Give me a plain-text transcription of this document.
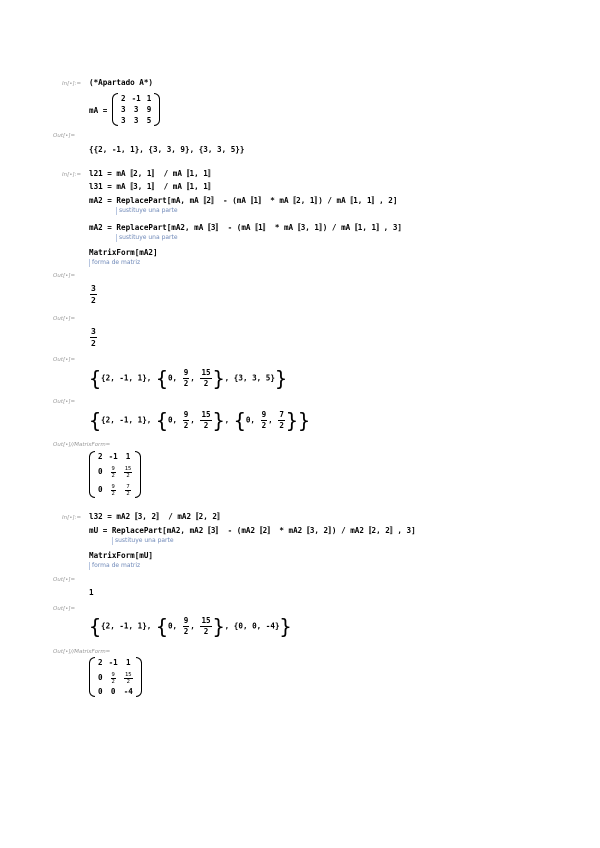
In[•]:= (*Apartado A*)
mA =
2	-1	1
3	3	9
3	3	5
Out[•]=
{{2, -1, 1}, {3, 3, 9}, {3, 3, 5}}
In[•]:= l21 = mA〚2, 1〛 / mA〚1, 1〛
l31 = mA〚3, 1〛 / mA〚1, 1〛
mA2 = ReplacePart[mA, mA〚2〛 - (mA〚1〛 * mA〚2, 1〛) / mA〚1, 1〛, 2]
sustituye una parte
mA2 = ReplacePart[mA2, mA〚3〛 - (mA〚1〛 * mA〚3, 1〛) / mA〚1, 1〛, 3]
sustituye una parte
MatrixForm[mA2]
forma de matriz
Out[•]=
$\frac{3}{2}$
Out[•]=
$\frac{3}{2}$
Out[•]=
{{2, -1, 1}, {0, $\frac{9}{2}$ , $\frac{15}{2}$ }, {3, 3, 5}}
Out[•]=
{{2, -1, 1}, {0, $\frac{9}{2}$ , $\frac{15}{2}$ }, {0, $\frac{9}{2}$ , $\frac{7}{2}$ }}
Out[•]//MatrixForm=
2	-1	1
0	$\frac{9}{2}$	$\frac{15}{2}$

0	$\frac{9}{2}$	$\frac{7}{2}$
In[•]:= l32 = mA2〚3, 2〛 / mA2〚2, 2〛
mU = ReplacePart[mA2, mA2〚3〛 - (mA2〚2〛 * mA2〚3, 2〛) / mA2〚2, 2〛, 3]
sustituye una parte
MatrixForm[mU]
forma de matriz
Out[•]=
1
Out[•]=
{{2, -1, 1}, {0, $\frac{9}{2}$ , $\frac{15}{2}$ }, {0, 0, -4}}
Out[•]//MatrixForm=
2	-1	1
0	$\frac{9}{2}$	$\frac{15}{2}$

0	0	-4
